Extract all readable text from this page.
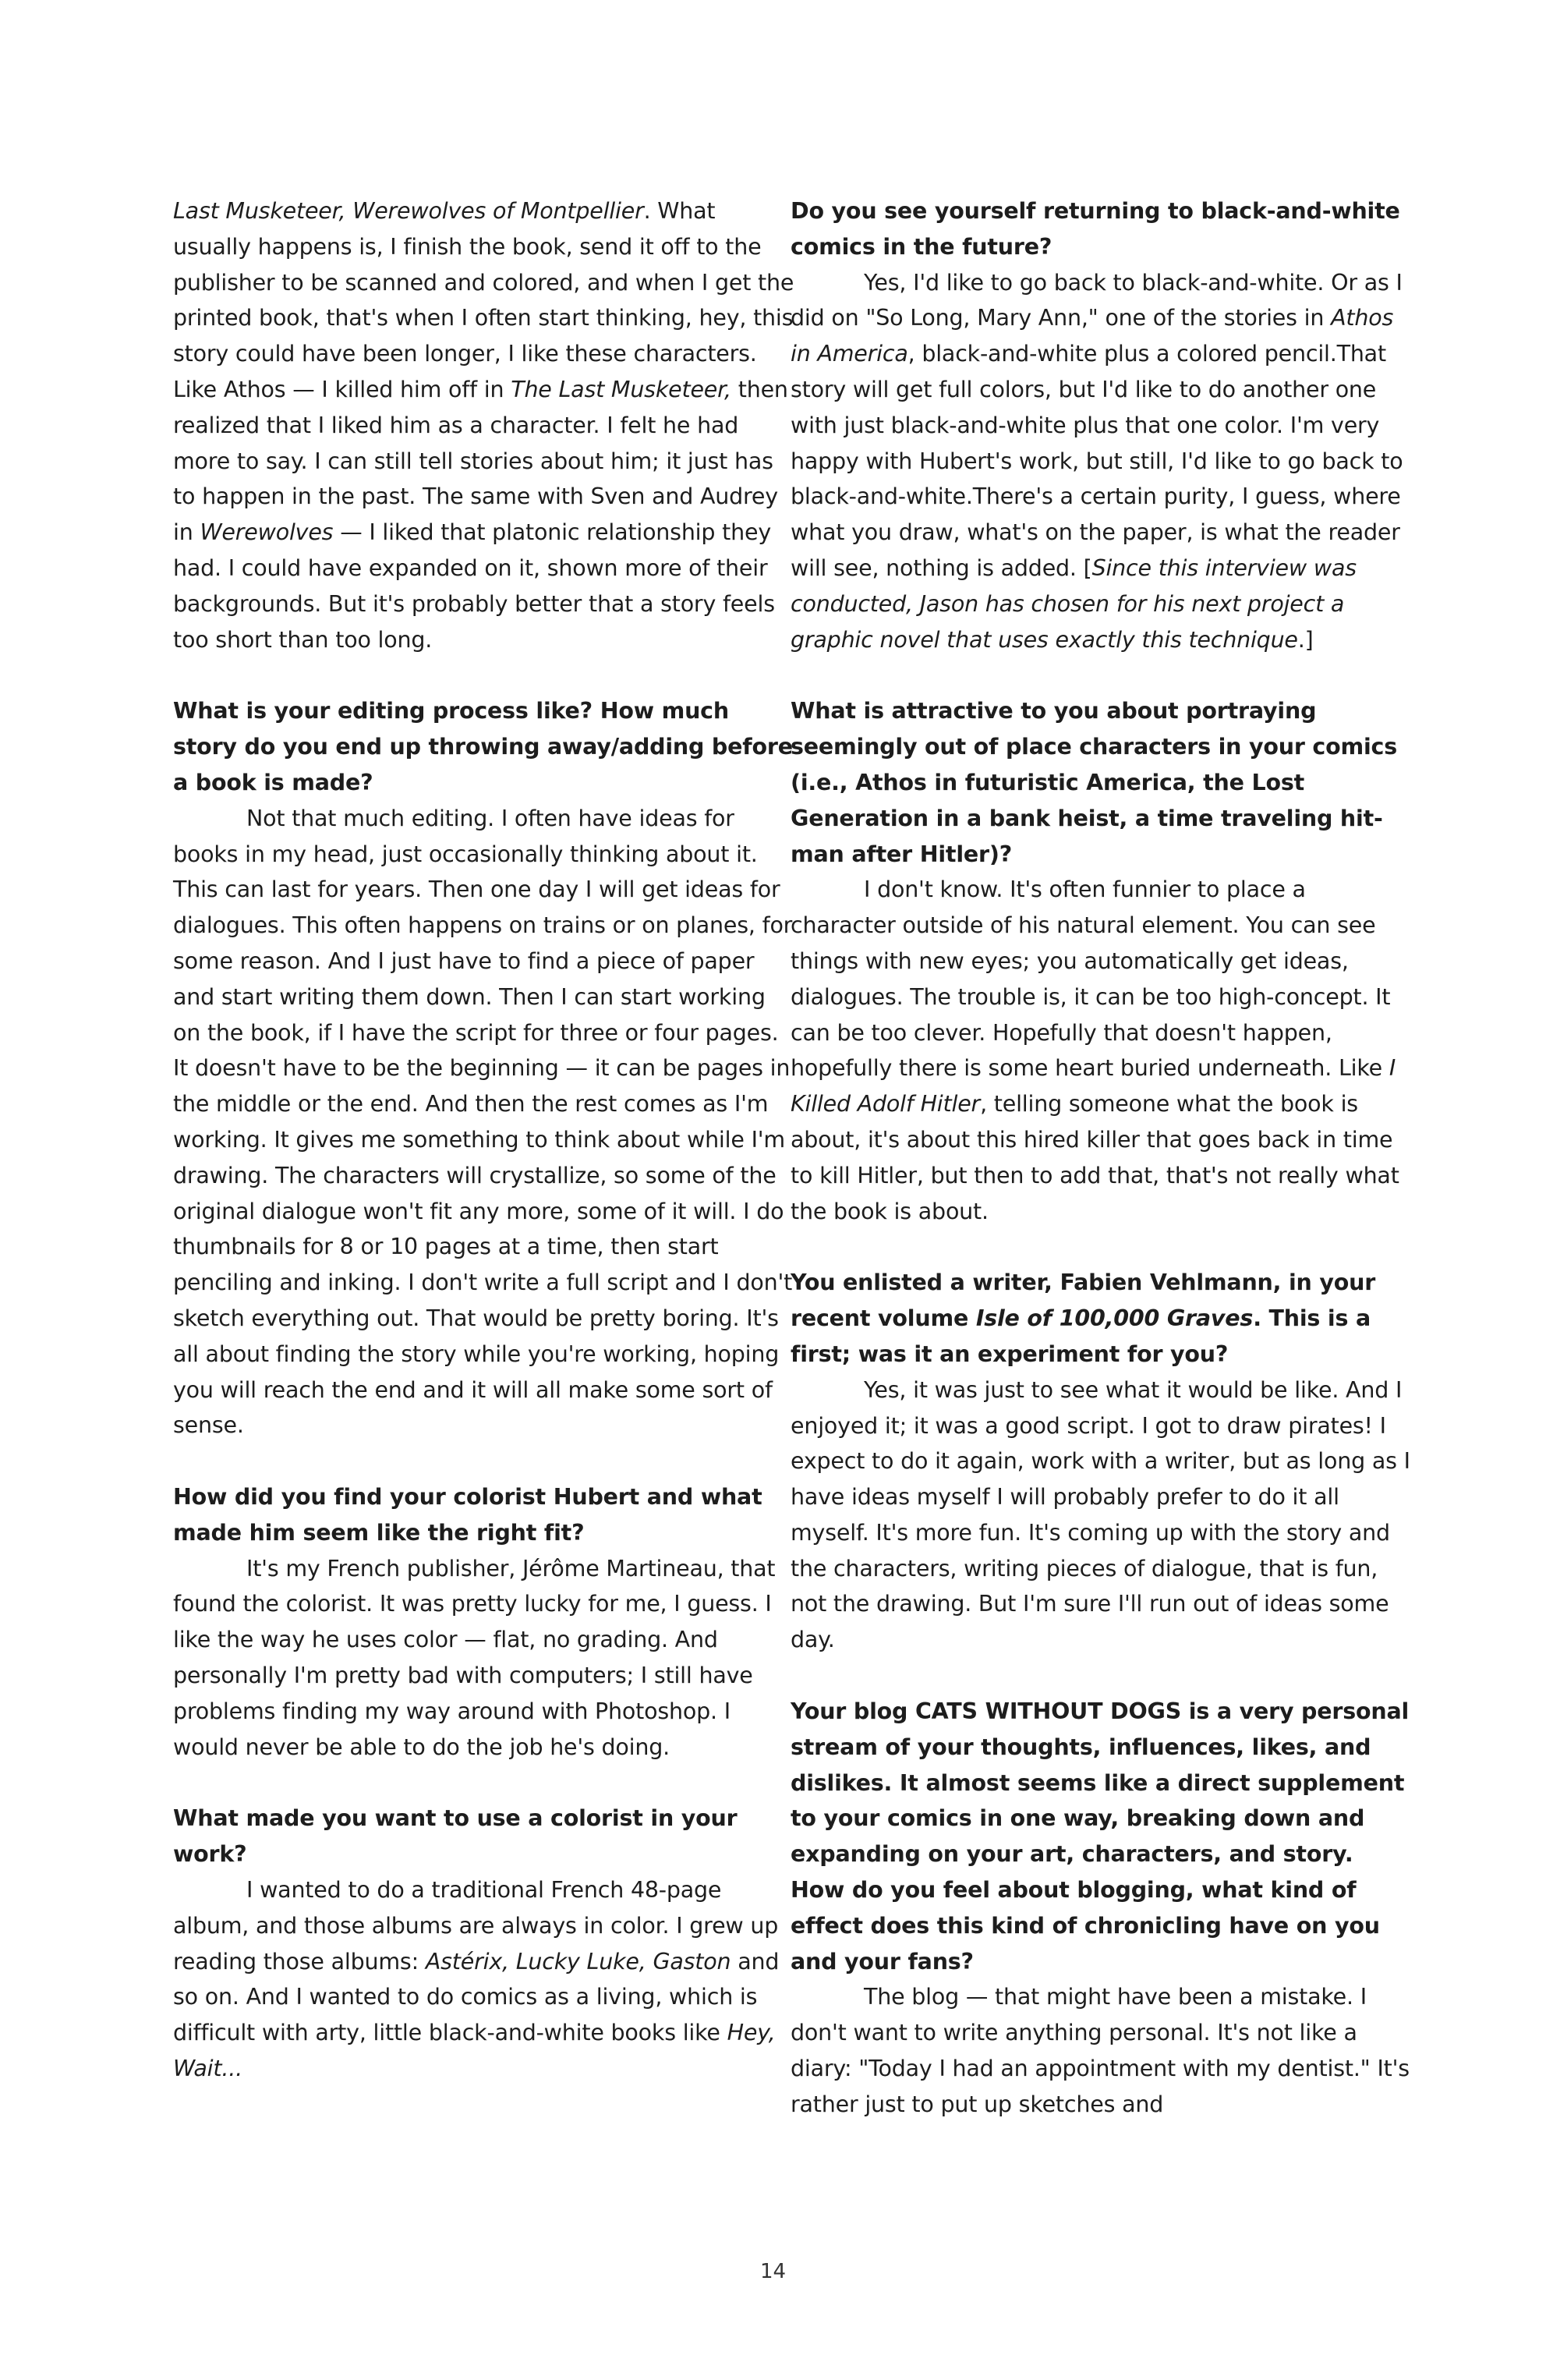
Last Musketeer, Werewolves of Montpellier. What usually happens is, I finish the book, send it off to the publisher to be scanned and colored, and when I get the printed book, that's when I often start thinking, hey, this story could have been longer, I like these characters. Like Athos — I killed him off in The Last Musketeer, then realized that I liked him as a character. I felt he had more to say. I can still tell stories about him; it just has to happen in the past. The same with Sven and Audrey in Werewolves — I liked that platonic relationship they had. I could have expanded on it, shown more of their backgrounds. But it's probably better that a story feels too short than too long.

What is your editing process like? How much story do you end up throwing away/adding before a book is made?

Not that much editing. I often have ideas for books in my head, just occasionally thinking about it. This can last for years. Then one day I will get ideas for dialogues. This often happens on trains or on planes, for some reason. And I just have to find a piece of paper and start writing them down. Then I can start working on the book, if I have the script for three or four pages. It doesn't have to be the beginning — it can be pages in the middle or the end. And then the rest comes as I'm working. It gives me something to think about while I'm drawing. The characters will crystallize, so some of the original dialogue won't fit any more, some of it will. I do thumbnails for 8 or 10 pages at a time, then start penciling and inking. I don't write a full script and I don't sketch everything out. That would be pretty boring. It's all about finding the story while you're working, hoping you will reach the end and it will all make some sort of sense.

How did you find your colorist Hubert and what made him seem like the right fit?

It's my French publisher, Jérôme Martineau, that found the colorist. It was pretty lucky for me, I guess. I like the way he uses color — flat, no grading. And personally I'm pretty bad with computers; I still have problems finding my way around with Photoshop. I would never be able to do the job he's doing.

What made you want to use a colorist in your work?

I wanted to do a traditional French 48-page album, and those albums are always in color. I grew up reading those albums: Astérix, Lucky Luke, Gaston and so on. And I wanted to do comics as a living, which is difficult with arty, little black-and-white books like Hey, Wait...

Do you see yourself returning to black-and-white comics in the future?

Yes, I'd like to go back to black-and-white. Or as I did on "So Long, Mary Ann," one of the stories in Athos in America, black-and-white plus a colored pencil.That story will get full colors, but I'd like to do another one with just black-and-white plus that one color. I'm very happy with Hubert's work, but still, I'd like to go back to black-and-white.There's a certain purity, I guess, where what you draw, what's on the paper, is what the reader will see, nothing is added. [Since this interview was conducted, Jason has chosen for his next project a graphic novel that uses exactly this technique.]

What is attractive to you about portraying seemingly out of place characters in your comics (i.e., Athos in futuristic America, the Lost Generation in a bank heist, a time traveling hit-man after Hitler)?

I don't know. It's often funnier to place a character outside of his natural element. You can see things with new eyes; you automatically get ideas, dialogues. The trouble is, it can be too high-concept. It can be too clever. Hopefully that doesn't happen, hopefully there is some heart buried underneath. Like I Killed Adolf Hitler, telling someone what the book is about, it's about this hired killer that goes back in time to kill Hitler, but then to add that, that's not really what the book is about.

You enlisted a writer, Fabien Vehlmann, in your recent volume Isle of 100,000 Graves. This is a first; was it an experiment for you?

Yes, it was just to see what it would be like. And I enjoyed it; it was a good script. I got to draw pirates! I expect to do it again, work with a writer, but as long as I have ideas myself I will probably prefer to do it all myself. It's more fun. It's coming up with the story and the characters, writing pieces of dialogue, that is fun, not the drawing. But I'm sure I'll run out of ideas some day.

Your blog CATS WITHOUT DOGS is a very personal stream of your thoughts, influences, likes, and dislikes. It almost seems like a direct supplement to your comics in one way, breaking down and expanding on your art, characters, and story. How do you feel about blogging, what kind of effect does this kind of chronicling have on you and your fans?

The blog — that might have been a mistake. I don't want to write anything personal. It's not like a diary: "Today I had an appointment with my dentist." It's rather just to put up sketches and

14
